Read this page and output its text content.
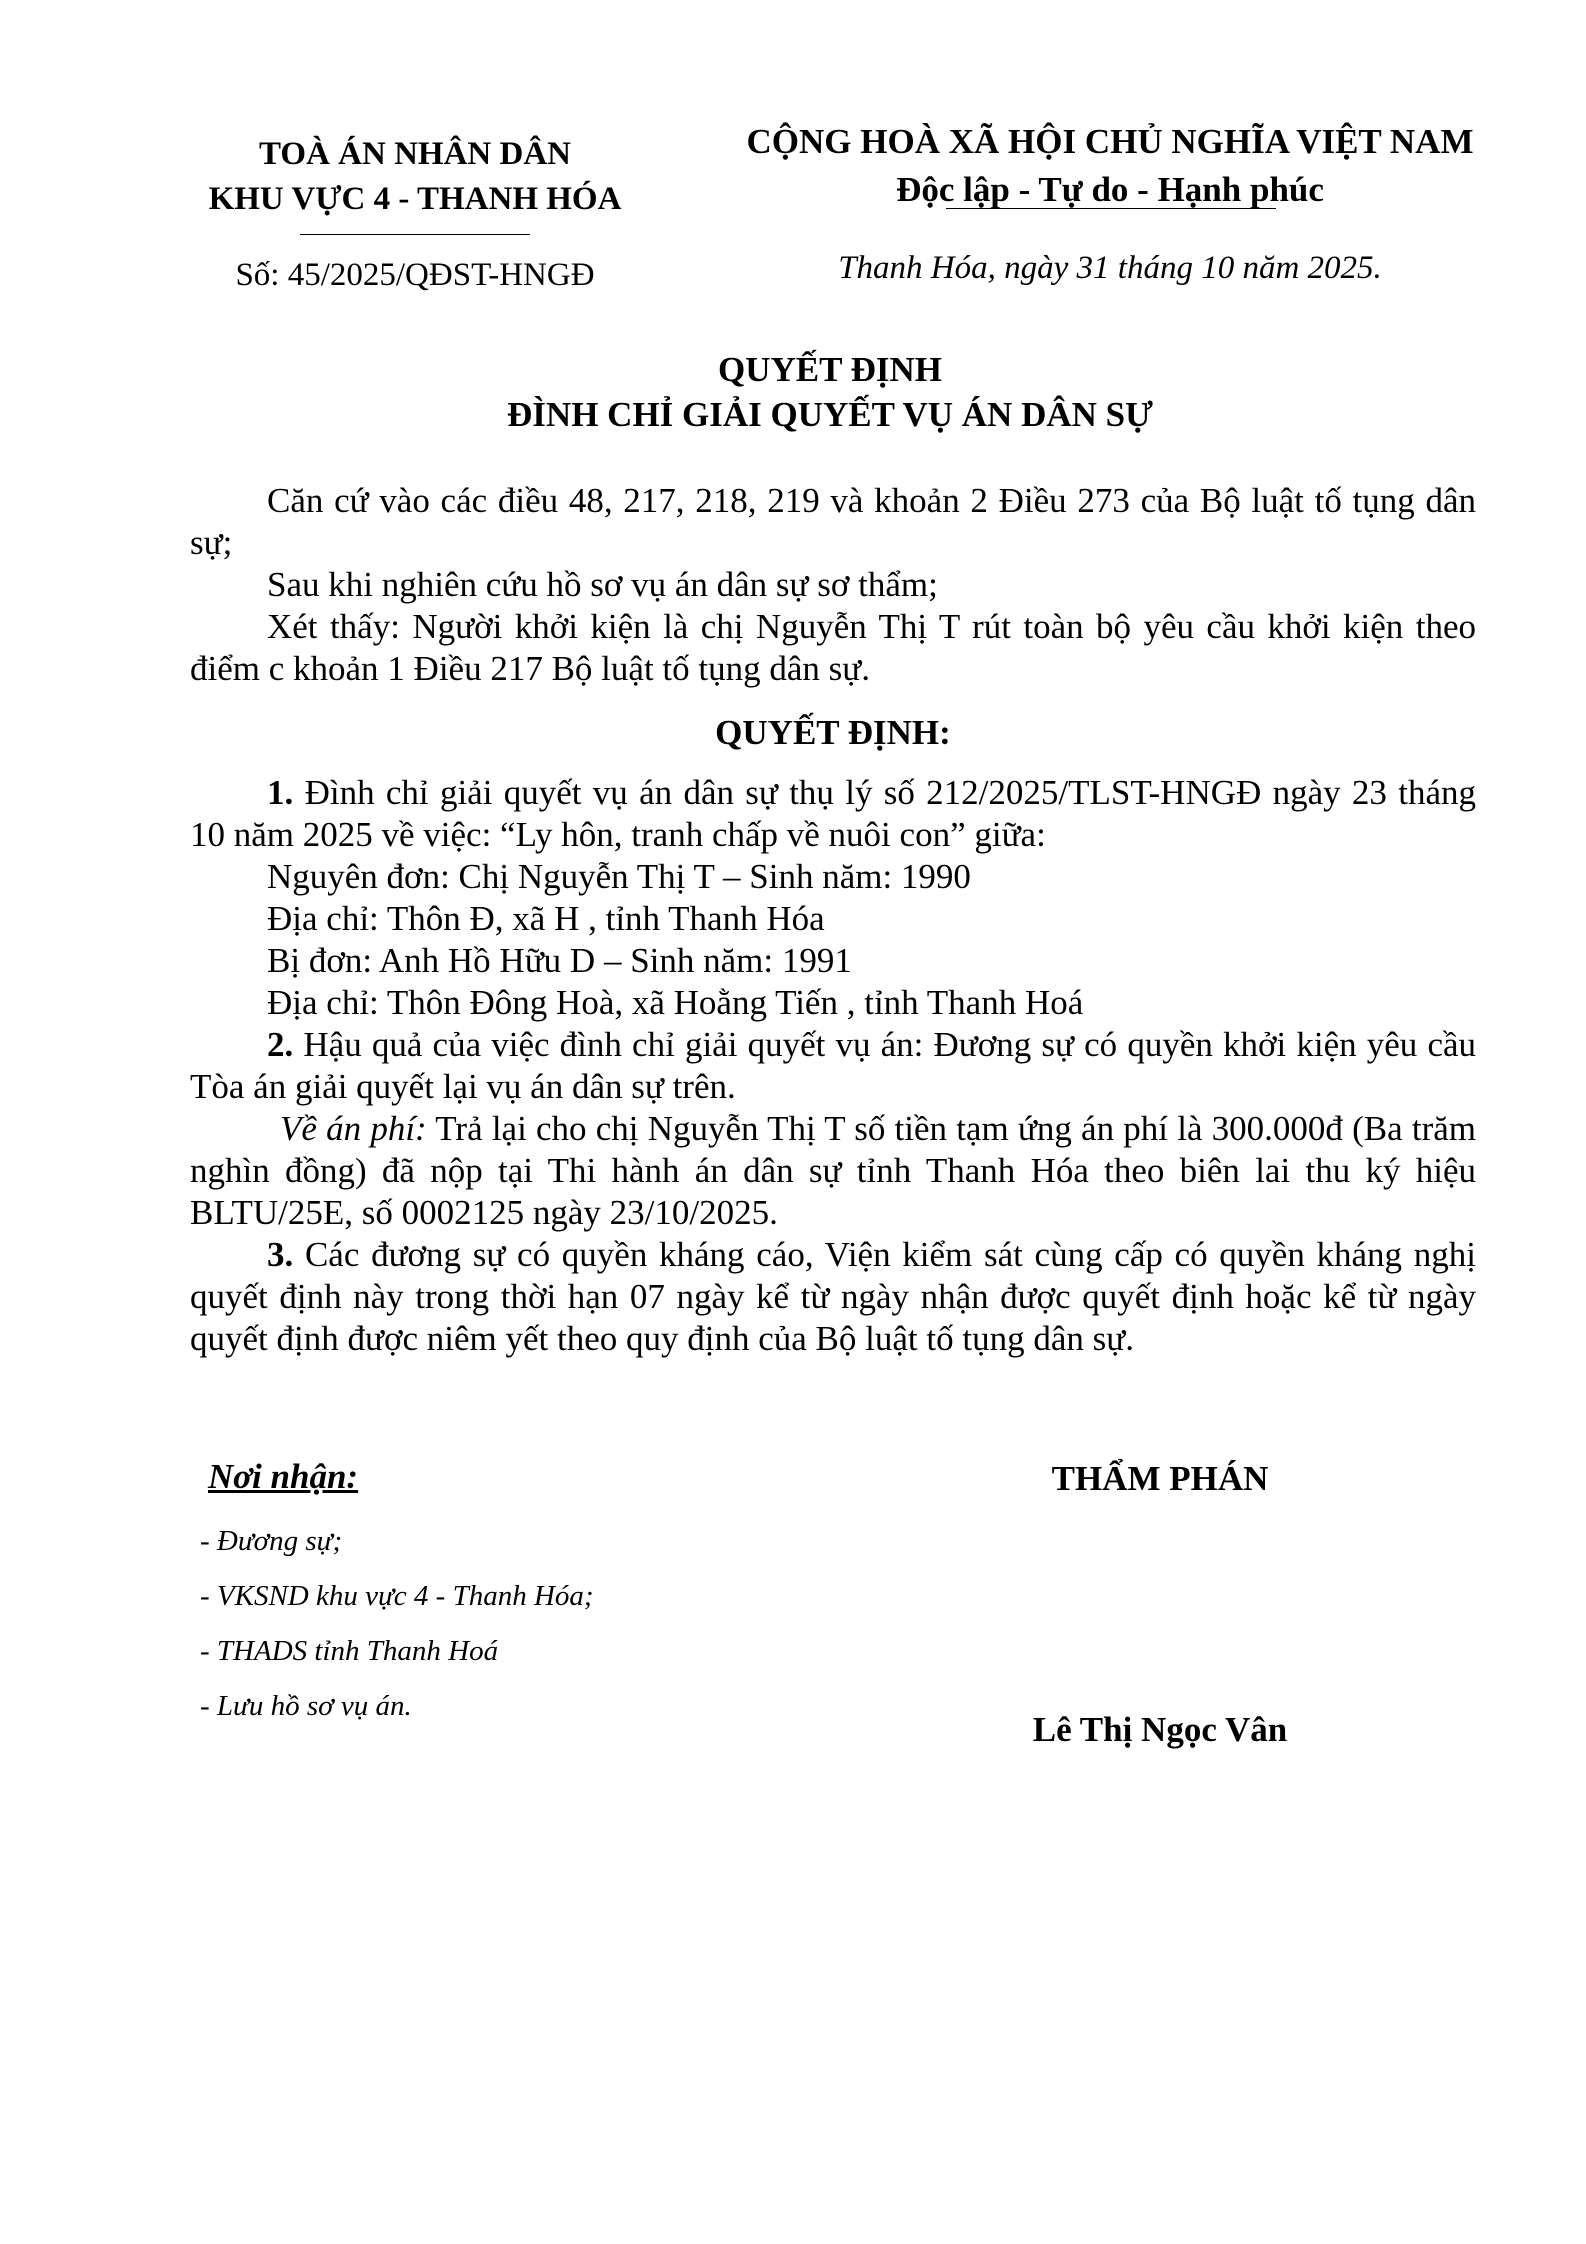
TOÀ ÁN NHÂN DÂN
KHU VỰC 4 - THANH HÓA
Số: 45/2025/QĐST-HNGĐ
CỘNG HOÀ XÃ HỘI CHỦ NGHĨA VIỆT NAM
Độc lập - Tự do - Hạnh phúc
Thanh Hóa, ngày 31 tháng 10 năm 2025.
QUYẾT ĐỊNH
ĐÌNH CHỈ GIẢI QUYẾT VỤ ÁN DÂN SỰ

Căn cứ vào các điều 48, 217, 218, 219 và khoản 2 Điều 273 của Bộ luật tố tụng dân sự;

Sau khi nghiên cứu hồ sơ vụ án dân sự sơ thẩm;

Xét thấy: Người khởi kiện là chị Nguyễn Thị T rút toàn bộ yêu cầu khởi kiện theo điểm c khoản 1 Điều 217 Bộ luật tố tụng dân sự.

QUYẾT ĐỊNH:

1. Đình chỉ giải quyết vụ án dân sự thụ lý số 212/2025/TLST-HNGĐ ngày 23 tháng 10 năm 2025 về việc: “Ly hôn, tranh chấp về nuôi con” giữa:

Nguyên đơn: Chị Nguyễn Thị T – Sinh năm: 1990

Địa chỉ: Thôn Đ, xã H , tỉnh Thanh Hóa

Bị đơn: Anh Hồ Hữu D – Sinh năm: 1991

Địa chỉ: Thôn Đông Hoà, xã Hoằng Tiến , tỉnh Thanh Hoá

2. Hậu quả của việc đình chỉ giải quyết vụ án: Đương sự có quyền khởi kiện yêu cầu Tòa án giải quyết lại vụ án dân sự trên.

Về án phí: Trả lại cho chị Nguyễn Thị T số tiền tạm ứng án phí là 300.000đ (Ba trăm nghìn đồng) đã nộp tại Thi hành án dân sự tỉnh Thanh Hóa theo biên lai thu ký hiệu BLTU/25E, số 0002125 ngày 23/10/2025.

3. Các đương sự có quyền kháng cáo, Viện kiểm sát cùng cấp có quyền kháng nghị quyết định này trong thời hạn 07 ngày kể từ ngày nhận được quyết định hoặc kể từ ngày quyết định được niêm yết theo quy định của Bộ luật tố tụng dân sự.

Nơi nhận:
- Đương sự;
- VKSND khu vực 4 - Thanh Hóa;
- THADS tỉnh Thanh Hoá
- Lưu hồ sơ vụ án.
THẨM PHÁN
Lê Thị Ngọc Vân
